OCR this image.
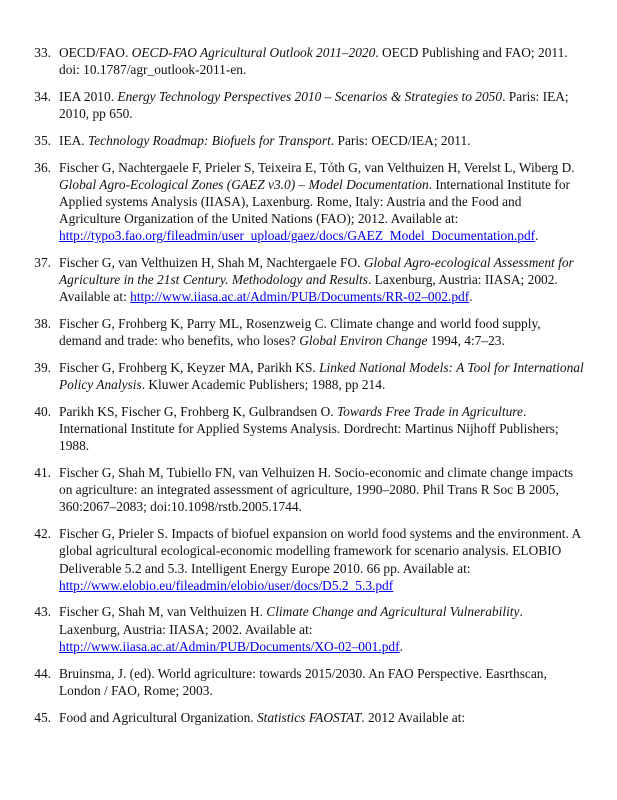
33. OECD/FAO. OECD-FAO Agricultural Outlook 2011–2020. OECD Publishing and FAO; 2011. doi: 10.1787/agr_outlook-2011-en.
34. IEA 2010. Energy Technology Perspectives 2010 – Scenarios & Strategies to 2050. Paris: IEA; 2010, pp 650.
35. IEA. Technology Roadmap: Biofuels for Transport. Paris: OECD/IEA; 2011.
36. Fischer G, Nachtergaele F, Prieler S, Teixeira E, Tóth G, van Velthuizen H, Verelst L, Wiberg D. Global Agro-Ecological Zones (GAEZ v3.0) – Model Documentation. International Institute for Applied systems Analysis (IIASA), Laxenburg. Rome, Italy: Austria and the Food and Agriculture Organization of the United Nations (FAO); 2012. Available at: http://typo3.fao.org/fileadmin/user_upload/gaez/docs/GAEZ_Model_Documentation.pdf.
37. Fischer G, van Velthuizen H, Shah M, Nachtergaele FO. Global Agro-ecological Assessment for Agriculture in the 21st Century. Methodology and Results. Laxenburg, Austria: IIASA; 2002. Available at: http://www.iiasa.ac.at/Admin/PUB/Documents/RR-02–002.pdf.
38. Fischer G, Frohberg K, Parry ML, Rosenzweig C. Climate change and world food supply, demand and trade: who benefits, who loses? Global Environ Change 1994, 4:7–23.
39. Fischer G, Frohberg K, Keyzer MA, Parikh KS. Linked National Models: A Tool for International Policy Analysis. Kluwer Academic Publishers; 1988, pp 214.
40. Parikh KS, Fischer G, Frohberg K, Gulbrandsen O. Towards Free Trade in Agriculture. International Institute for Applied Systems Analysis. Dordrecht: Martinus Nijhoff Publishers; 1988.
41. Fischer G, Shah M, Tubiello FN, van Velhuizen H. Socio-economic and climate change impacts on agriculture: an integrated assessment of agriculture, 1990–2080. Phil Trans R Soc B 2005, 360:2067–2083; doi:10.1098/rstb.2005.1744.
42. Fischer G, Prieler S. Impacts of biofuel expansion on world food systems and the environment. A global agricultural ecological-economic modelling framework for scenario analysis. ELOBIO Deliverable 5.2 and 5.3. Intelligent Energy Europe 2010. 66 pp. Available at: http://www.elobio.eu/fileadmin/elobio/user/docs/D5.2_5.3.pdf
43. Fischer G, Shah M, van Velthuizen H. Climate Change and Agricultural Vulnerability. Laxenburg, Austria: IIASA; 2002. Available at: http://www.iiasa.ac.at/Admin/PUB/Documents/XO-02–001.pdf.
44. Bruinsma, J. (ed). World agriculture: towards 2015/2030. An FAO Perspective. Easrthscan, London / FAO, Rome; 2003.
45. Food and Agricultural Organization. Statistics FAOSTAT. 2012 Available at:
